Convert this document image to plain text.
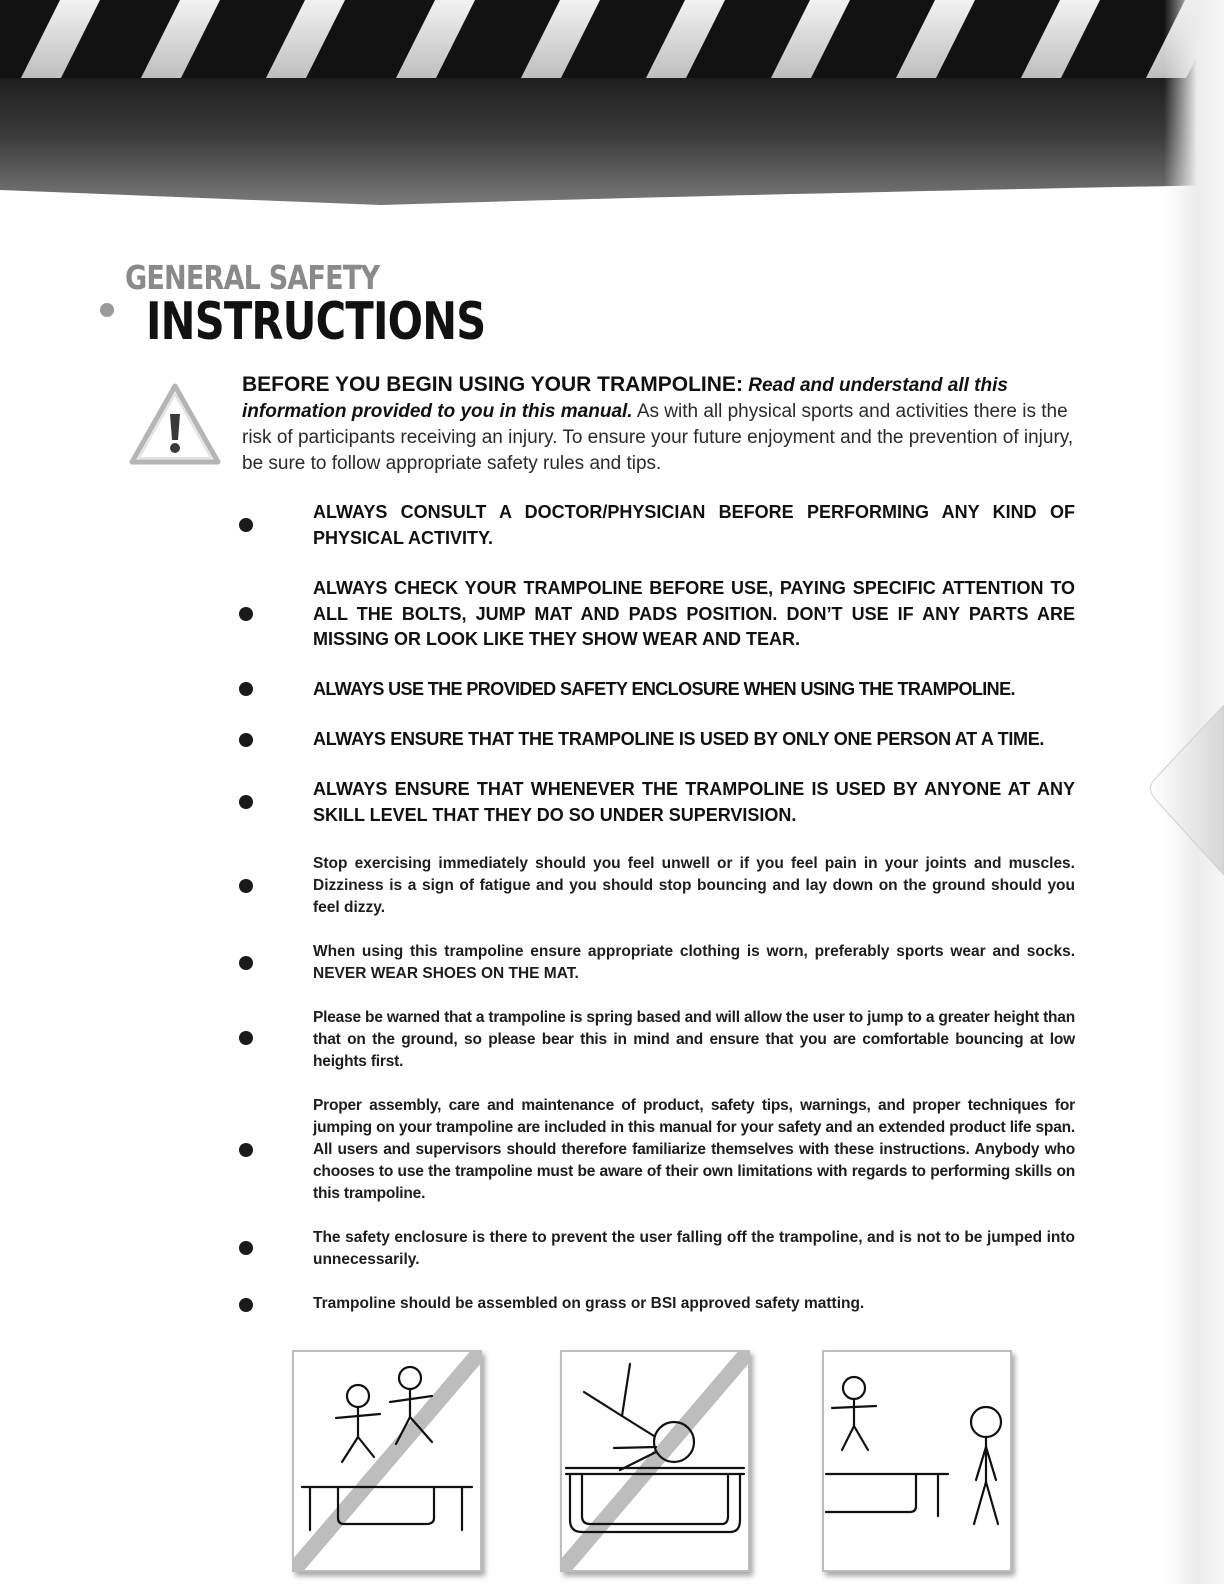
GENERAL SAFETY
INSTRUCTIONS
BEFORE YOU BEGIN USING YOUR TRAMPOLINE: Read and understand all this information provided to you in this manual. As with all physical sports and activities there is the risk of participants receiving an injury. To ensure your future enjoyment and the prevention of injury, be sure to follow appropriate safety rules and tips.
ALWAYS CONSULT A DOCTOR/PHYSICIAN BEFORE PERFORMING ANY KIND OF PHYSICAL ACTIVITY.
ALWAYS CHECK YOUR TRAMPOLINE BEFORE USE, PAYING SPECIFIC ATTENTION TO ALL THE BOLTS, JUMP MAT AND PADS POSITION. DON’T USE IF ANY PARTS ARE MISSING OR LOOK LIKE THEY SHOW WEAR AND TEAR.
ALWAYS USE THE PROVIDED SAFETY ENCLOSURE WHEN USING THE TRAMPOLINE.
ALWAYS ENSURE THAT THE TRAMPOLINE IS USED BY ONLY ONE PERSON AT A TIME.
ALWAYS ENSURE THAT WHENEVER THE TRAMPOLINE IS USED BY ANYONE AT ANY SKILL LEVEL THAT THEY DO SO UNDER SUPERVISION.
Stop exercising immediately should you feel unwell or if you feel pain in your joints and muscles. Dizziness is a sign of fatigue and you should stop bouncing and lay down on the ground should you feel dizzy.
When using this trampoline ensure appropriate clothing is worn, preferably sports wear and socks. NEVER WEAR SHOES ON THE MAT.
Please be warned that a trampoline is spring based and will allow the user to jump to a greater height than that on the ground, so please bear this in mind and ensure that you are comfortable bouncing at low heights first.
Proper assembly, care and maintenance of product, safety tips, warnings, and proper techniques for jumping on your trampoline are included in this manual for your safety and an extended product life span. All users and supervisors should therefore familiarize themselves with these instructions. Anybody who chooses to use the trampoline must be aware of their own limitations with regards to performing skills on this trampoline.
The safety enclosure is there to prevent the user falling off the trampoline, and is not to be jumped into unnecessarily.
Trampoline should be assembled on grass or BSI approved safety matting.
